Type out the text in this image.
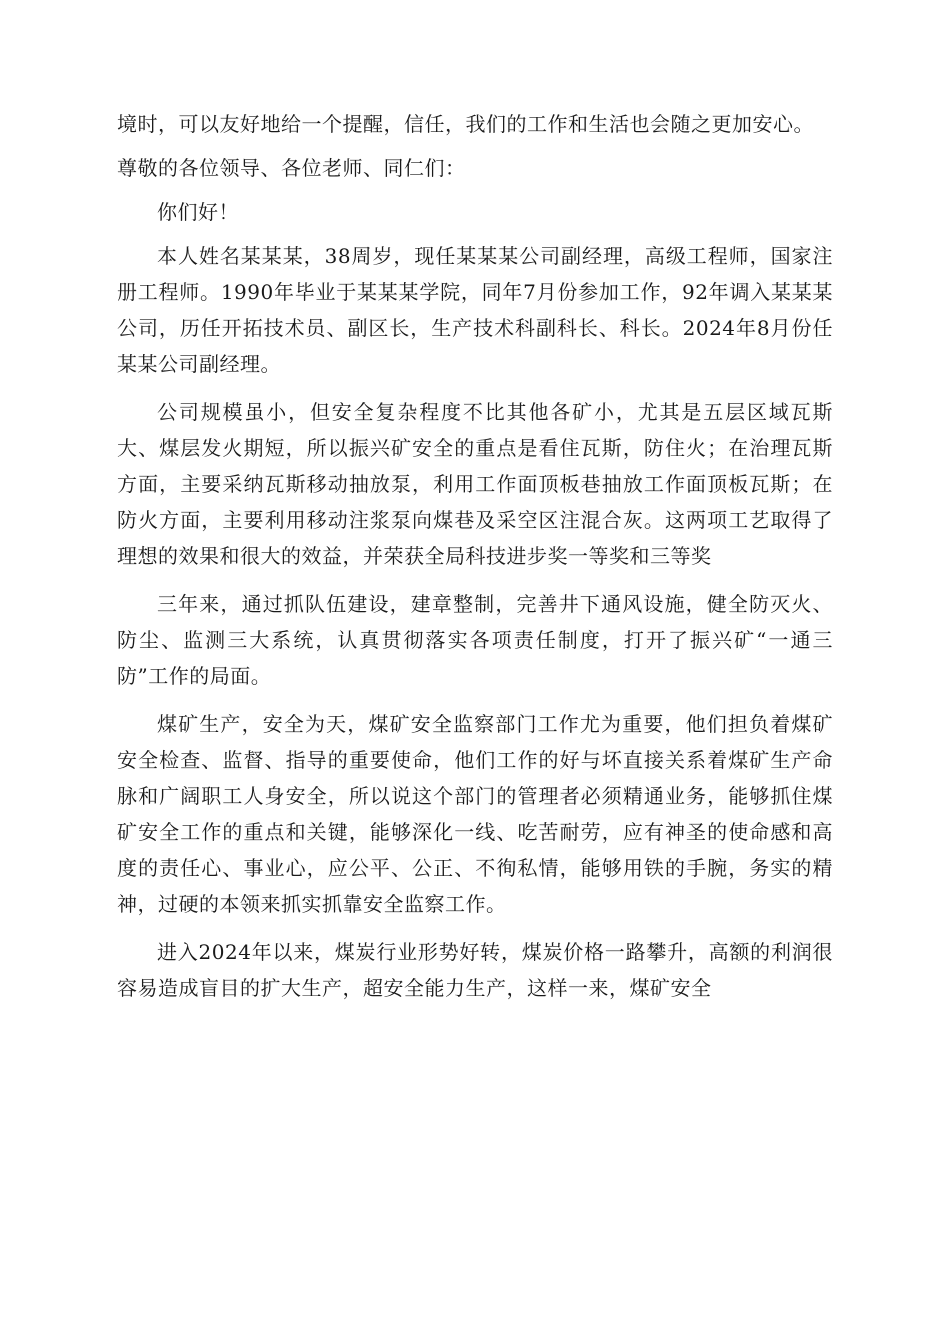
境时，可以友好地给一个提醒，信任，我们的工作和生活也会随之更加安心。

尊敬的各位领导、各位老师、同仁们：

你们好！

本人姓名某某某，38周岁，现任某某某公司副经理，高级工程师，国家注册工程师。1990年毕业于某某某学院，同年7月份参加工作，92年调入某某某公司，历任开拓技术员、副区长，生产技术科副科长、科长。2024年8月份任某某公司副经理。

公司规模虽小，但安全复杂程度不比其他各矿小，尤其是五层区域瓦斯大、煤层发火期短，所以振兴矿安全的重点是看住瓦斯，防住火；在治理瓦斯方面，主要采纳瓦斯移动抽放泵，利用工作面顶板巷抽放工作面顶板瓦斯；在防火方面，主要利用移动注浆泵向煤巷及采空区注混合灰。这两项工艺取得了理想的效果和很大的效益，并荣获全局科技进步奖一等奖和三等奖

三年来，通过抓队伍建设，建章整制，完善井下通风设施，健全防灭火、防尘、监测三大系统，认真贯彻落实各项责任制度，打开了振兴矿“一通三防”工作的局面。

煤矿生产，安全为天，煤矿安全监察部门工作尤为重要，他们担负着煤矿安全检查、监督、指导的重要使命，他们工作的好与坏直接关系着煤矿生产命脉和广阔职工人身安全，所以说这个部门的管理者必须精通业务，能够抓住煤矿安全工作的重点和关键，能够深化一线、吃苦耐劳，应有神圣的使命感和高度的责任心、事业心，应公平、公正、不徇私情，能够用铁的手腕，务实的精神，过硬的本领来抓实抓靠安全监察工作。

进入2024年以来，煤炭行业形势好转，煤炭价格一路攀升，高额的利润很容易造成盲目的扩大生产，超安全能力生产，这样一来，煤矿安全
